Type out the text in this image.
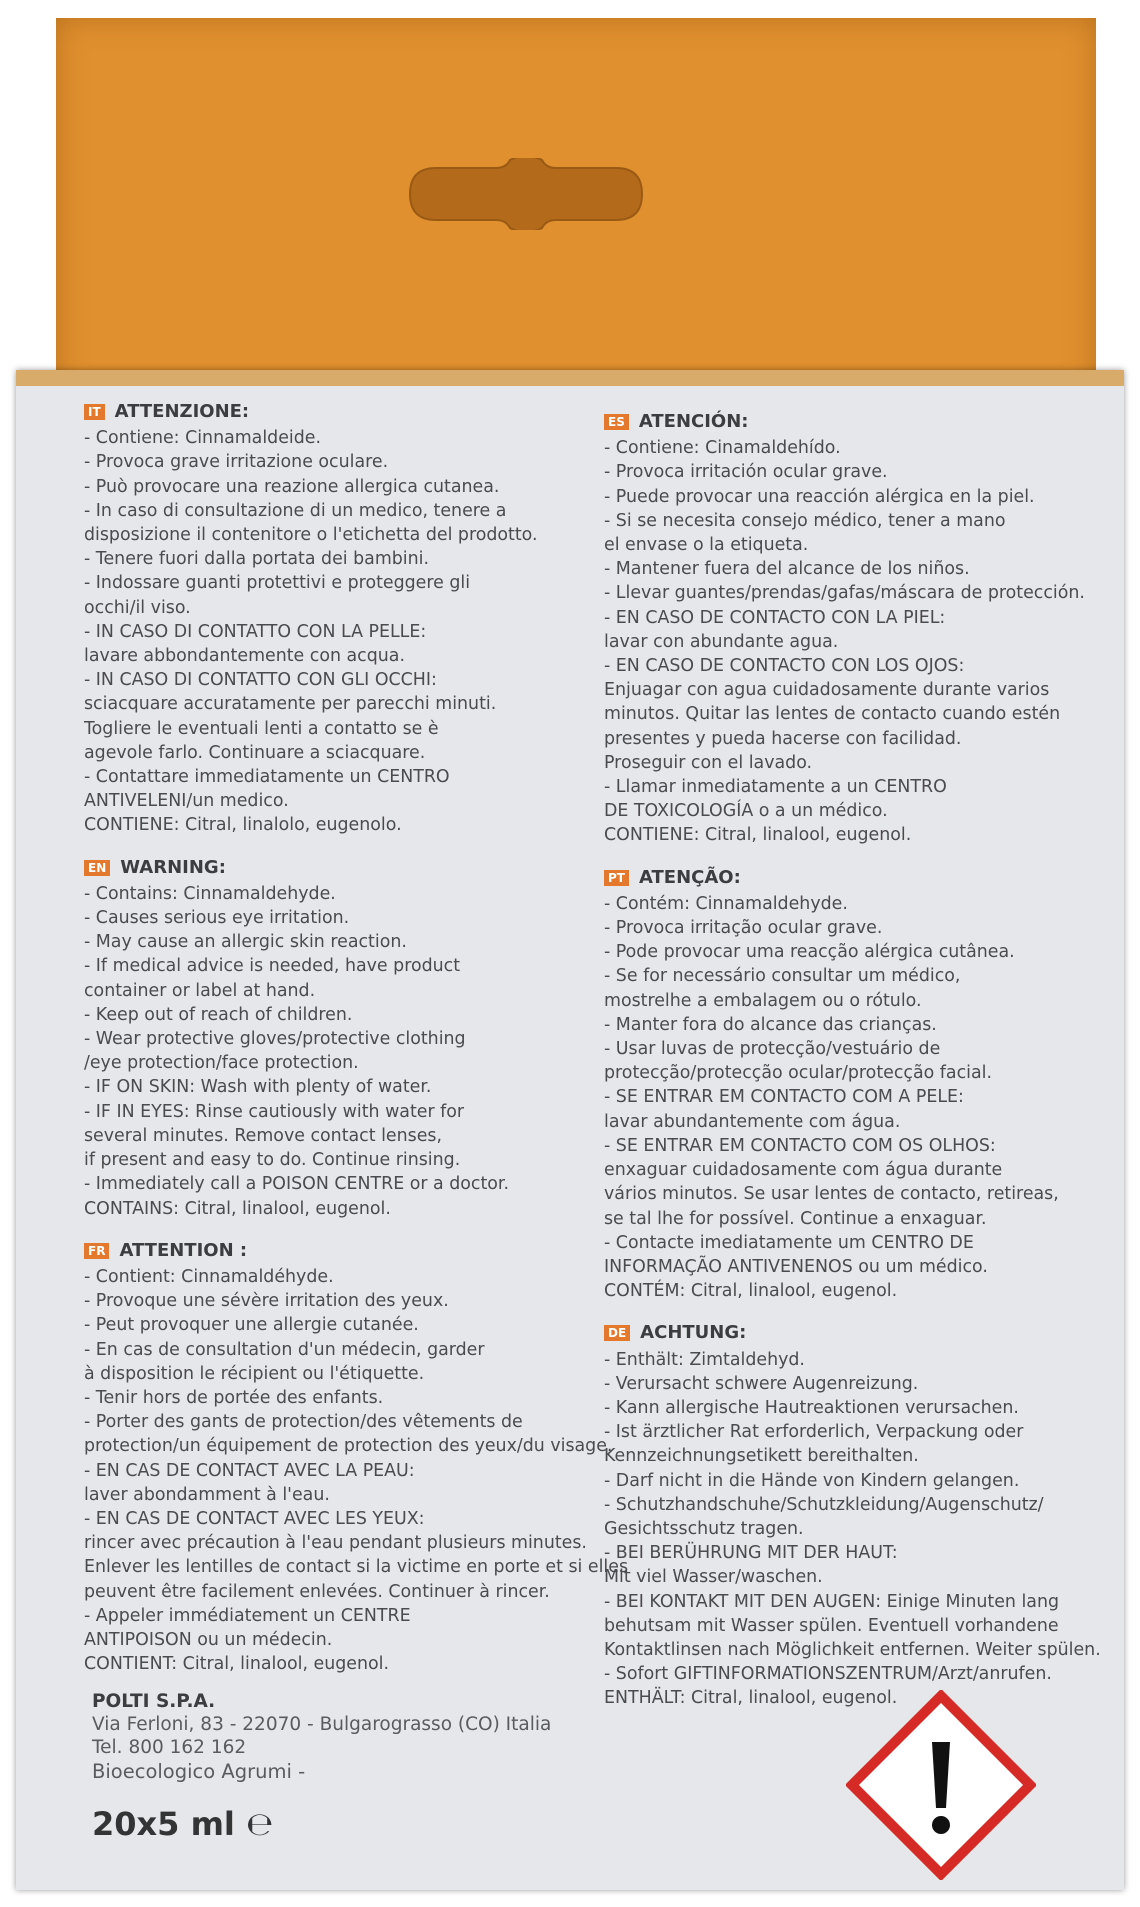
IT ATTENZIONE:
- Contiene: Cinnamaldeide.
- Provoca grave irritazione oculare.
- Può provocare una reazione allergica cutanea.
- In caso di consultazione di un medico, tenere a
disposizione il contenitore o l'etichetta del prodotto.
- Tenere fuori dalla portata dei bambini.
- Indossare guanti protettivi e proteggere gli
occhi/il viso.
- IN CASO DI CONTATTO CON LA PELLE:
lavare abbondantemente con acqua.
- IN CASO DI CONTATTO CON GLI OCCHI:
sciacquare accuratamente per parecchi minuti.
Togliere le eventuali lenti a contatto se è
agevole farlo. Continuare a sciacquare.
- Contattare immediatamente un CENTRO
ANTIVELENI/un medico.
CONTIENE: Citral, linalolo, eugenolo.
EN WARNING:
- Contains: Cinnamaldehyde.
- Causes serious eye irritation.
- May cause an allergic skin reaction.
- If medical advice is needed, have product
container or label at hand.
- Keep out of reach of children.
- Wear protective gloves/protective clothing
/eye protection/face protection.
- IF ON SKIN: Wash with plenty of water.
- IF IN EYES: Rinse cautiously with water for
several minutes. Remove contact lenses,
if present and easy to do. Continue rinsing.
- Immediately call a POISON CENTRE or a doctor.
CONTAINS: Citral, linalool, eugenol.
FR ATTENTION :
- Contient: Cinnamaldéhyde.
- Provoque une sévère irritation des yeux.
- Peut provoquer une allergie cutanée.
- En cas de consultation d'un médecin, garder
à disposition le récipient ou l'étiquette.
- Tenir hors de portée des enfants.
- Porter des gants de protection/des vêtements de
protection/un équipement de protection des yeux/du visage.
- EN CAS DE CONTACT AVEC LA PEAU:
laver abondamment à l'eau.
- EN CAS DE CONTACT AVEC LES YEUX:
rincer avec précaution à l'eau pendant plusieurs minutes.
Enlever les lentilles de contact si la victime en porte et si elles
peuvent être facilement enlevées. Continuer à rincer.
- Appeler immédiatement un CENTRE
ANTIPOISON ou un médecin.
CONTIENT: Citral, linalool, eugenol.
ES ATENCIÓN:
- Contiene: Cinamaldehído.
- Provoca irritación ocular grave.
- Puede provocar una reacción alérgica en la piel.
- Si se necesita consejo médico, tener a mano
el envase o la etiqueta.
- Mantener fuera del alcance de los niños.
- Llevar guantes/prendas/gafas/máscara de protección.
- EN CASO DE CONTACTO CON LA PIEL:
lavar con abundante agua.
- EN CASO DE CONTACTO CON LOS OJOS:
Enjuagar con agua cuidadosamente durante varios
minutos. Quitar las lentes de contacto cuando estén
presentes y pueda hacerse con facilidad.
Proseguir con el lavado.
- Llamar inmediatamente a un CENTRO
DE TOXICOLOGÍA o a un médico.
CONTIENE: Citral, linalool, eugenol.
PT ATENÇÃO:
- Contém: Cinnamaldehyde.
- Provoca irritação ocular grave.
- Pode provocar uma reacção alérgica cutânea.
- Se for necessário consultar um médico,
mostrelhe a embalagem ou o rótulo.
- Manter fora do alcance das crianças.
- Usar luvas de protecção/vestuário de
protecção/protecção ocular/protecção facial.
- SE ENTRAR EM CONTACTO COM A PELE:
lavar abundantemente com água.
- SE ENTRAR EM CONTACTO COM OS OLHOS:
enxaguar cuidadosamente com água durante
vários minutos. Se usar lentes de contacto, retireas,
se tal lhe for possível. Continue a enxaguar.
- Contacte imediatamente um CENTRO DE
INFORMAÇÃO ANTIVENENOS ou um médico.
CONTÉM: Citral, linalool, eugenol.
DE ACHTUNG:
- Enthält: Zimtaldehyd.
- Verursacht schwere Augenreizung.
- Kann allergische Hautreaktionen verursachen.
- Ist ärztlicher Rat erforderlich, Verpackung oder
Kennzeichnungsetikett bereithalten.
- Darf nicht in die Hände von Kindern gelangen.
- Schutzhandschuhe/Schutzkleidung/Augenschutz/
Gesichtsschutz tragen.
- BEI BERÜHRUNG MIT DER HAUT:
Mit viel Wasser/waschen.
- BEI KONTAKT MIT DEN AUGEN: Einige Minuten lang
behutsam mit Wasser spülen. Eventuell vorhandene
Kontaktlinsen nach Möglichkeit entfernen. Weiter spülen.
- Sofort GIFTINFORMATIONSZENTRUM/Arzt/anrufen.
ENTHÄLT: Citral, linalool, eugenol.
POLTI S.P.A.
Via Ferloni, 83 - 22070 - Bulgarograsso (CO) Italia
Tel. 800 162 162
Bioecologico Agrumi -
20x5 ml ℮
